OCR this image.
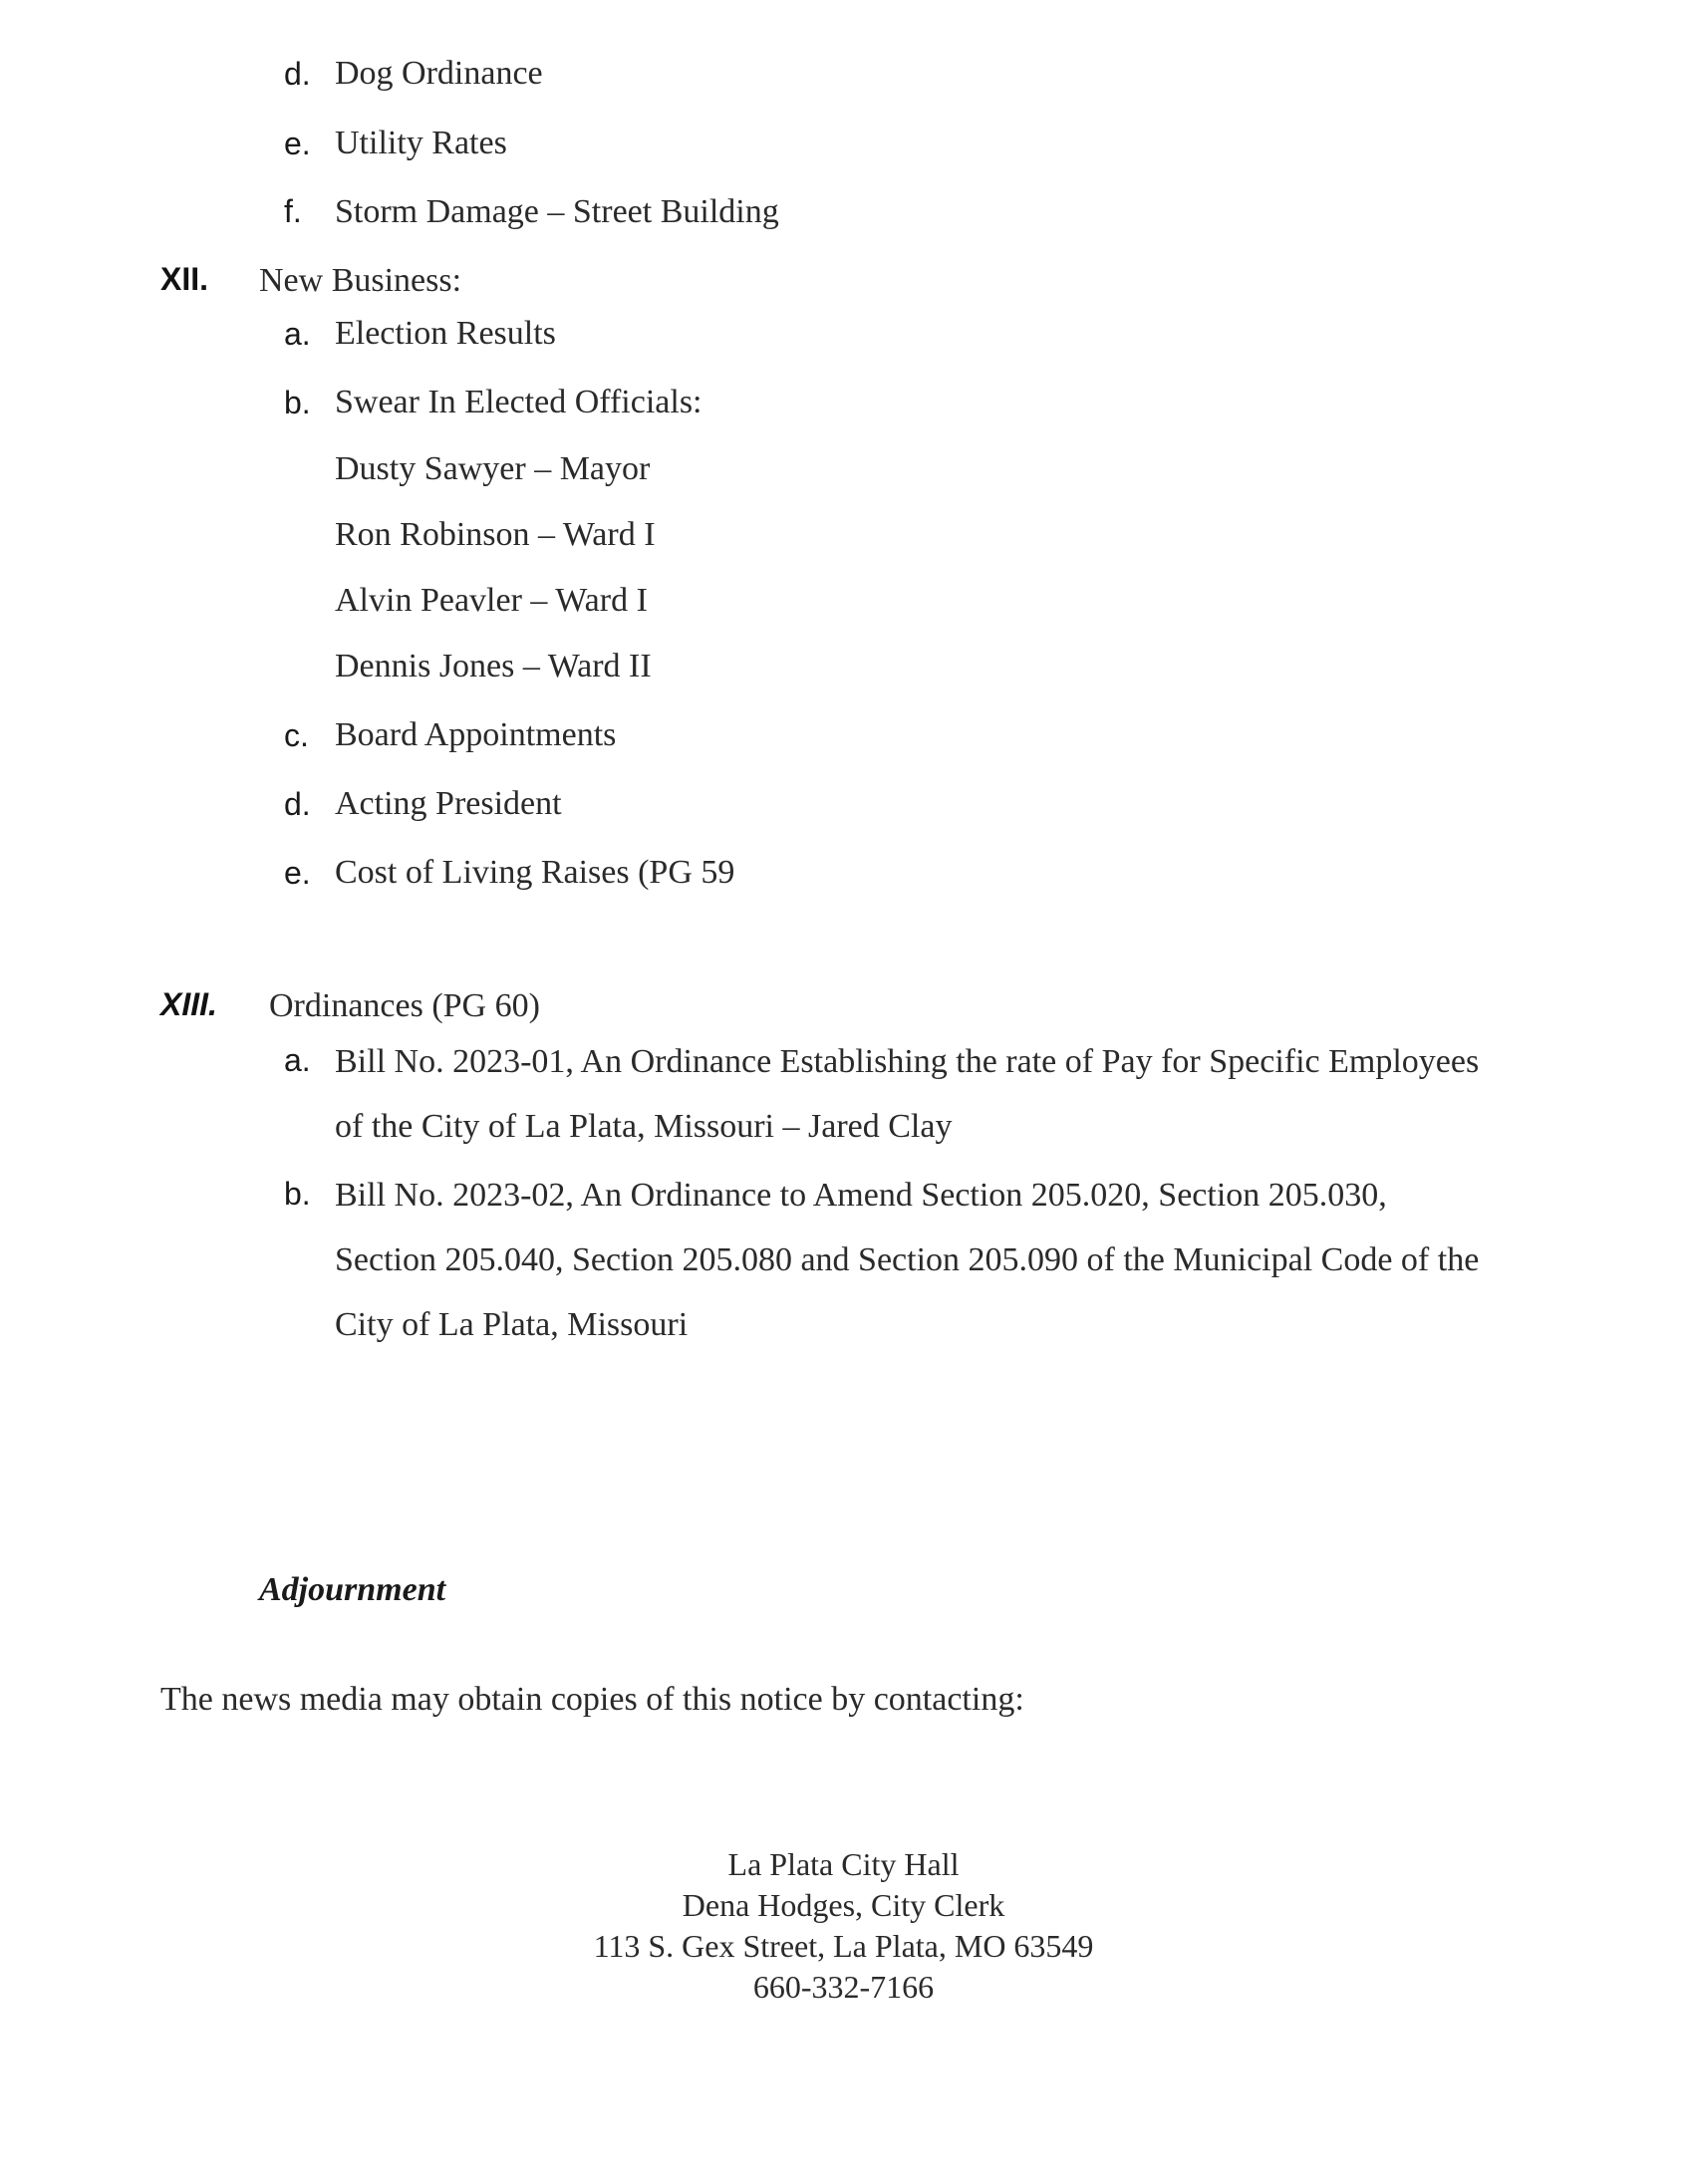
d. Dog Ordinance
e. Utility Rates
f. Storm Damage – Street Building
XII. New Business:
a. Election Results
b. Swear In Elected Officials:
Dusty Sawyer – Mayor
Ron Robinson – Ward I
Alvin Peavler – Ward I
Dennis Jones – Ward II
c. Board Appointments
d. Acting President
e. Cost of Living Raises (PG 59
XIII. Ordinances (PG 60)
a. Bill No. 2023-01, An Ordinance Establishing the rate of Pay for Specific Employees
of the City of La Plata, Missouri – Jared Clay
b. Bill No. 2023-02, An Ordinance to Amend Section 205.020, Section 205.030,
Section 205.040, Section 205.080 and Section 205.090 of the Municipal Code of the
City of La Plata, Missouri
Adjournment
The news media may obtain copies of this notice by contacting:
La Plata City Hall
Dena Hodges, City Clerk
113 S. Gex Street, La Plata, MO 63549
660-332-7166
